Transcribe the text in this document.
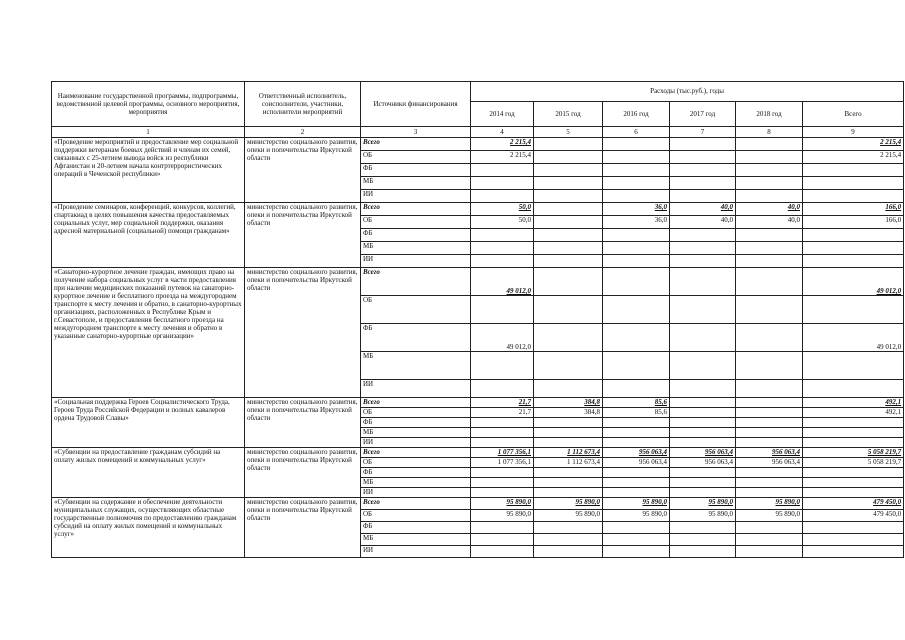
Наименование государственной программы, подпрограммы, ведомственной целевой программы, основного мероприятия, мероприятия	Ответственный исполнитель, соисполнители, участники, исполнители мероприятий	Источники финансирования	Расходы (тыс.руб.), годы					
			2014 год	2015 год	2016 год	2017 год	2018 год	Всего
1	2	3	4	5	6	7	8	9
«Проведение мероприятий и предоставление мер социальной поддержки ветеранам боевых действий и членам их семей, связанных с 25-летием вывода войск из республики Афганистан и 20-летием начала контртеррористических операций в Чеченской республики»	министерство социального развития, опеки и попечительства Иркутской области	Всего	2 215,4					2 215,4
		ОБ	2 215,4					2 215,4
		ФБ						
		МБ						
		ИИ						
«Проведение семинаров, конференций, конкурсов, коллегий, спартакиад в целях повышения качества предоставляемых социальных услуг, мер социальной поддержки, оказания адресной материальной (социальной) помощи гражданам»	министерство социального развития, опеки и попечительства Иркутской области	Всего	50,0		36,0	40,0	40,0	166,0
		ОБ	50,0		36,0	40,0	40,0	166,0
		ФБ						
		МБ						
		ИИ						
«Санаторно-курортное лечение граждан, имеющих право на получение набора социальных услуг в части предоставления при наличии медицинских показаний путевок на санаторно-курортное лечение и бесплатного проезда на междугороднем транспорте к месту лечения и обратно, в санаторно-курортных организациях, расположенных в Республике Крым и г.Севастополе, и предоставления бесплатного проезда на междугороднем транспорте к месту лечения и обратно в указанные санаторно-курортные организации»	министерство социального развития, опеки и попечительства Иркутской области	Всего	49 012,0					49 012,0
		ОБ						
		ФБ	49 012,0					49 012,0
		МБ						
		ИИ						
«Социальная поддержка Героев Социалистического Труда, Героев Труда Российской Федерации и полных кавалеров ордена Трудовой Славы»	министерство социального развития, опеки и попечительства Иркутской области	Всего	21,7	384,8	85,6			492,1
		ОБ	21,7	384,8	85,6			492,1
		ФБ						
		МБ						
		ИИ						
«Субвенции на предоставление гражданам субсидий на оплату жилых помещений и коммунальных услуг»	министерство социального развития, опеки и попечительства Иркутской области	Всего	1 077 356,1	1 112 673,4	956 063,4	956 063,4	956 063,4	5 058 219,7
		ОБ	1 077 356,1	1 112 673,4	956 063,4	956 063,4	956 063,4	5 058 219,7
		ФБ						
		МБ						
		ИИ						
«Субвенции на содержание и обеспечение деятельности муниципальных служащих, осуществляющих областные государственные полномочия по предоставлению гражданам субсидий на оплату жилых помещений и коммунальных услуг»	министерство социального развития, опеки и попечительства Иркутской области	Всего	95 890,0	95 890,0	95 890,0	95 890,0	95 890,0	479 450,0
		ОБ	95 890,0	95 890,0	95 890,0	95 890,0	95 890,0	479 450,0
		ФБ						
		МБ						
		ИИ						
